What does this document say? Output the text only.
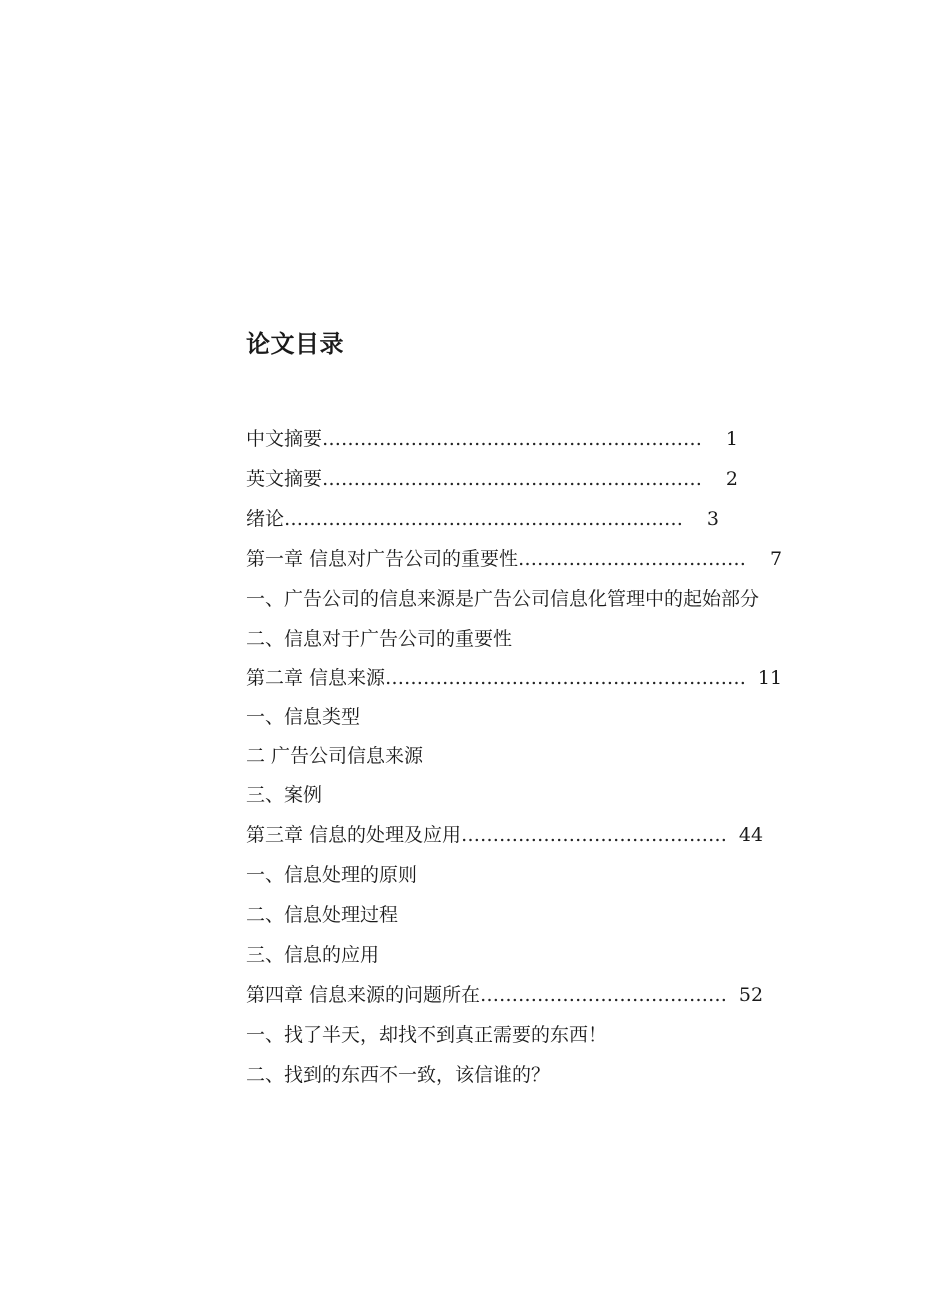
论文目录
中文摘要 ……………………………………………………	1
英文摘要 ……………………………………………………	2
绪论 ………………………………………………………	3
第一章 信息对广告公司的重要性 ………………………………	7

一、广告公司的信息来源是广告公司信息化管理中的起始部分

二、信息对于广告公司的重要性
第二章 信息来源 ………………………………………………… 11
一、信息类型
二 广告公司信息来源
三、案例
第三章 信息的处理及应用 …………………………………… 44
一、信息处理的原则
二、信息处理过程
三、信息的应用
第四章 信息来源的问题所在 ………………………………… 52
一、找了半天，却找不到真正需要的东西！
二、找到的东西不一致，该信谁的？
